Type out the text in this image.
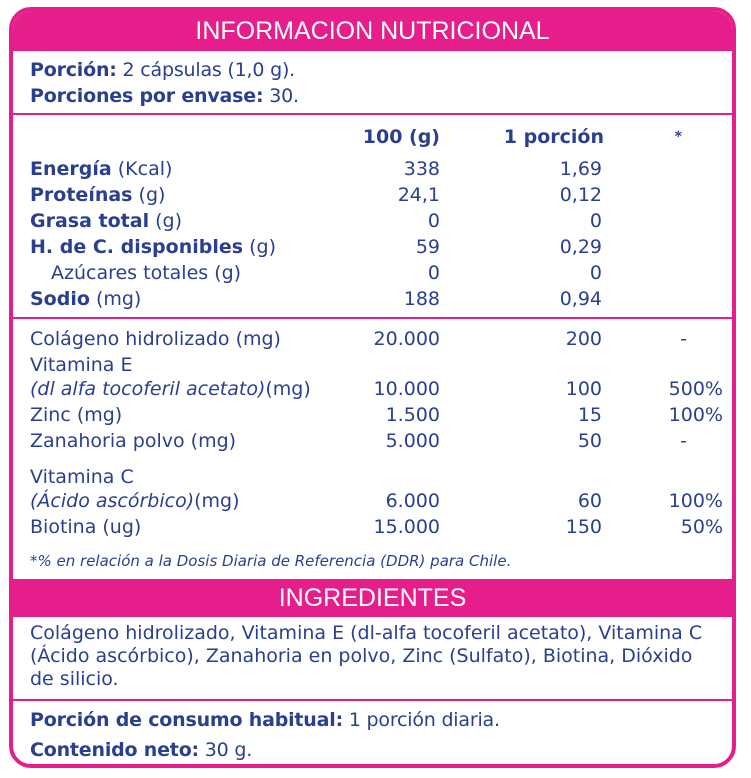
INFORMACION NUTRICIONAL
Porción: 2 cápsulas (1,0 g).
Porciones por envase: 30.
100 (g)	1 porción	*
Energía (Kcal)	338	1,69
Proteínas (g)	24,1	0,12
Grasa total (g)	0	0
H. de C. disponibles (g)	59	0,29
Azúcares totales (g)	0	0
Sodio (mg)	188	0,94
Colágeno hidrolizado (mg)	20.000	200	-
Vitamina E
(dl alfa tocoferil acetato)(mg)	10.000	100	500%
Zinc (mg)	1.500	15	100%
Zanahoria polvo (mg)	5.000	50	-
Vitamina C
(Ácido ascórbico)(mg)	6.000	60	100%
Biotina (ug)	15.000	150	50%
*% en relación a la Dosis Diaria de Referencia (DDR) para Chile.
INGREDIENTES
Colágeno hidrolizado, Vitamina E (dl-alfa tocoferil acetato), Vitamina C (Ácido ascórbico), Zanahoria en polvo, Zinc (Sulfato), Biotina, Dióxido de silicio.
Porción de consumo habitual: 1 porción diaria.
Contenido neto: 30 g.
